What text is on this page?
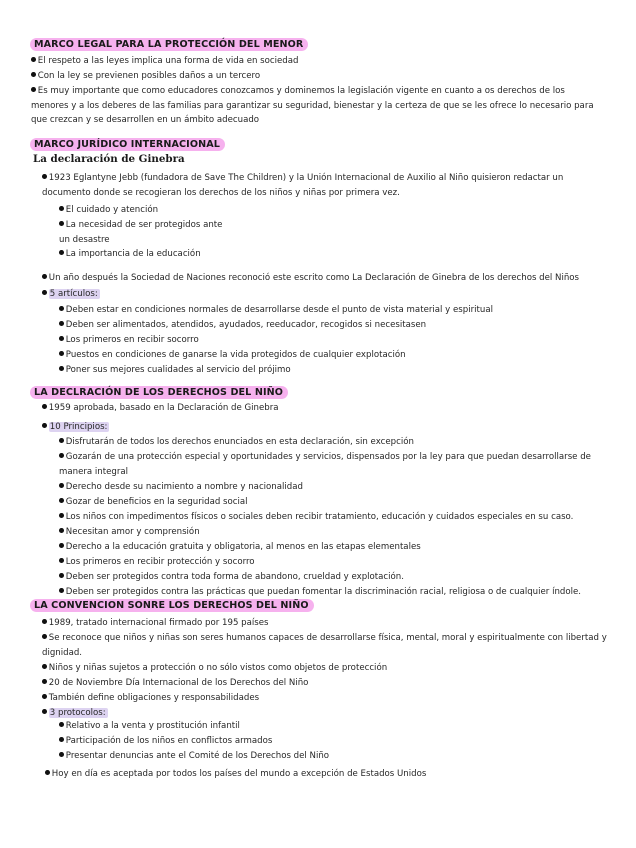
MARCO LEGAL PARA LA PROTECCIÓN DEL MENOR
El respeto a las leyes implica una forma de vida en sociedad
Con la ley se previenen posibles daños a un tercero
Es muy importante que como educadores conozcamos y dominemos la legislación vigente en cuanto a os derechos de los menores y a los deberes de las familias para garantizar su seguridad, bienestar y la certeza de que se les ofrece lo necesario para que crezcan y se desarrollen en un ámbito adecuado
MARCO JURÍDICO INTERNACIONAL
La declaración de Ginebra
1923 Eglantyne Jebb (fundadora de Save The Children) y la Unión Internacional de Auxilio al Niño quisieron redactar un documento donde se recogieran los derechos de los niños y niñas por primera vez.
El cuidado y atención
La necesidad de ser protegidos ante un desastre
La importancia de la educación
Un año después la Sociedad de Naciones reconoció este escrito como La Declaración de Ginebra de los derechos del Niños
5 artículos:
Deben estar en condiciones normales de desarrollarse desde el punto de vista material y espiritual
Deben ser alimentados, atendidos, ayudados, reeducador, recogidos si necesitasen
Los primeros en recibir socorro
Puestos en condiciones de ganarse la vida protegidos de cualquier explotación
Poner sus mejores cualidades al servicio del prójimo
LA DECLRACIÓN DE LOS DERECHOS DEL NIÑO
1959 aprobada, basado en la Declaración de Ginebra
10 Principios:
Disfrutarán de todos los derechos enunciados en esta declaración, sin excepción
Gozarán de una protección especial y oportunidades y servicios, dispensados por la ley para que puedan desarrollarse de manera integral
Derecho desde su nacimiento a nombre y nacionalidad
Gozar de beneficios en la seguridad social
Los niños con impedimentos físicos o sociales deben recibir tratamiento, educación y cuidados especiales en su caso.
Necesitan amor y comprensión
Derecho a la educación gratuita y obligatoria, al menos en las etapas elementales
Los primeros en recibir protección y socorro
Deben ser protegidos contra toda forma de abandono, crueldad y explotación.
Deben ser protegidos contra las prácticas que puedan fomentar la discriminación racial, religiosa o de cualquier índole.
LA CONVENCION SONRE LOS DERECHOS DEL NIÑO
1989, tratado internacional firmado por 195 países
Se reconoce que niños y niñas son seres humanos capaces de desarrollarse física, mental, moral y espiritualmente con libertad y dignidad.
Niños y niñas sujetos a protección o no sólo vistos como objetos de protección
20 de Noviembre Día Internacional de los Derechos del Niño
También define obligaciones y responsabilidades
3 protocolos:
Relativo a la venta y prostitución infantil
Participación de los niños en conflictos armados
Presentar denuncias ante el Comité de los Derechos del Niño
Hoy en día es aceptada por todos los países del mundo a excepción de Estados Unidos
